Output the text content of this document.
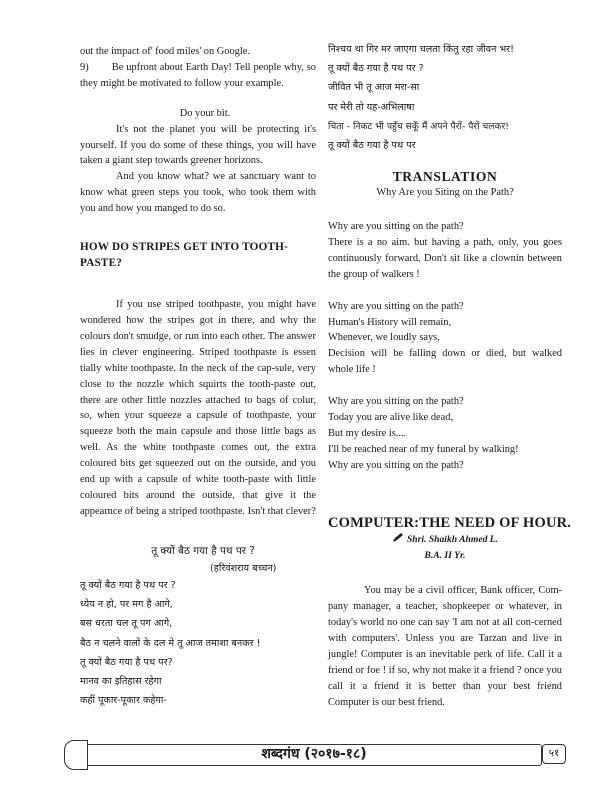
out the impact of' food miles' on Google.

9)        Be upfront about Earth Day! Tell people why, so they might be motivated to follow your example.

Do your bit.

It's not the planet you will be protecting it's yourself. If you do some of these things, you will have taken a giant step towards greener horizons.

And you know what? we at sanctuary want to know what green steps you took, who took them with you and how you manged to do so.

HOW DO STRIPES GET INTO TOOTH-PASTE?

If you use striped toothpaste, you might have wondered how the stripes got in there, and why the colours don't smudge, or run into each other. The answer lies in clever engineering. Striped toothpaste is essen tially white toothpaste. In the neck of the cap-sule, very close to the nozzle which squirts the tooth-paste out, there are other little nozzles attached to bags of colur, so, when your squeeze a capsule of toothpaste, your squeeze both the main capsule and those little bags as well. As the white toothpaste comes out, the extra coloured bits get squeezed out on the outside, and you end up with a capsule of white tooth-paste with little coloured bits around the outside, that give it the appearnce of being a striped toothpaste. Isn't that clever?

तू क्यों बैठ गया है पथ पर ?

(हरिवंशराय बच्चन)

तू क्यों बैठ गया है पथ पर ?

ध्येय न हो, पर मग है आगे,

बस धरता चल तू पग आगे,

बैठ न चलने वालों के दल मे तू आज तमाशा बनकर !

तू क्यों बैठ गया है पथ पर?

मानव का इतिहास रहेगा

कहीं पूकार-पूकार कहेगा-

निश्चय था गिर मर जाएगा चलता किंतु रहा जीवन भर!

तू क्यों बैठ गया है पथ पर ?

जीवित भी तू आज मरा-सा

पर मेरी तो यह-अभिलाषा

चिता - निकट भी पहुँच सकूँ मैं अपने पैरों- पैरों चलकर!

तू क्यों बैठ गया है पथ पर

TRANSLATION

Why Are you Siting on the Path?

Why are you sitting on the path?

There is a no aim. but having a path, only, you goes continuously forward, Don't sit like a clownin between the group of walkers !

Why are you sitting on the path?

Human's History will remain,

Whenever, we loudly says,

Decision will be falling down or died, but walked whole life !

Why are you sitting on the path?

Today you are alive like dead,

But my desire is....

I'll be reached near of my funeral by walking!

Why are you sitting on the path?

COMPUTER:THE NEED OF HOUR.

Shri. Shaikh Ahmed L.

B.A. II Yr.

You may be a civil officer, Bank officer, Com-pany manager, a teacher, shopkeeper or whatever, in today's world no one can say 'I am not at all con-cerned with computers'. Unless you are Tarzan and live in jungle! Computer is an inevitable perk of life. Call it a friend or foe ! if so, why not make it a friend ? once you call it a friend it is better than your best friend Computer is our best friend.

शब्दगंध (२०१७-१८)	५१
